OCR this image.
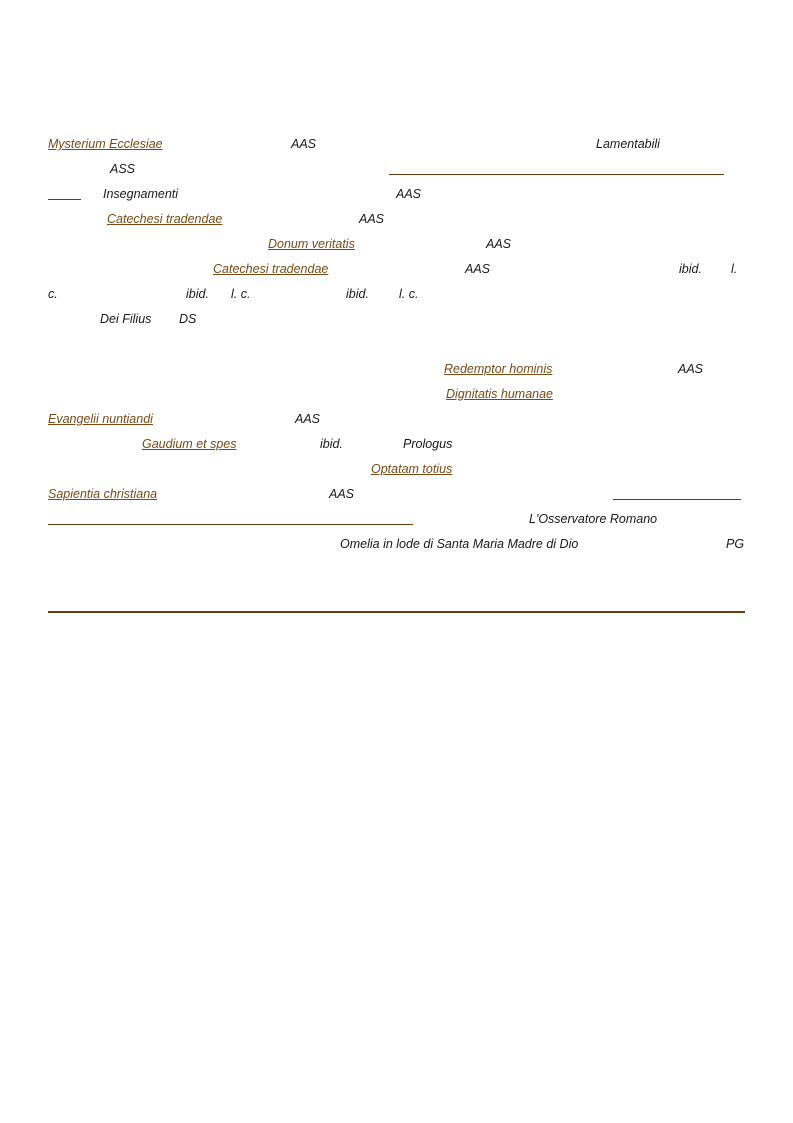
Mysterium Ecclesiae	AAS	Lamentabili
ASS
Insegnamenti	AAS
Catechesi tradendae	AAS
Donum veritatis	AAS
Catechesi tradendae	AAS	ibid. l.
c.	ibid. l. c.	ibid. l. c.
Dei Filius DS
Redemptor hominis	AAS
Dignitatis humanae
Evangelii nuntiandi	AAS
Gaudium et spes	ibid.	Prologus
Optatam totius
Sapientia christiana	AAS
L'Osservatore Romano
Omelia in lode di Santa Maria Madre di Dio	PG
